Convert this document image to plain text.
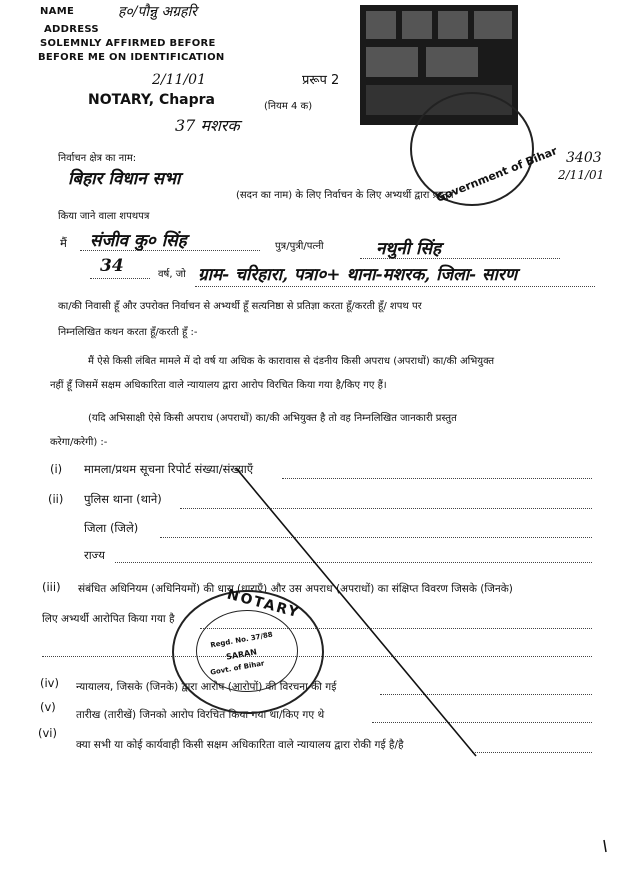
NAME	ह०/पौन्नु अग्रहरि
ADDRESS
SOLEMNLY AFFIRMED BEFORE
BEFORE ME ON IDENTIFICATION
2/11/01
NOTARY, Chapra
37 मशरक
प्ररूप 2
(नियम 4 क)
Government of Bihar 3403
2/11/01
निर्वाचन क्षेत्र का नाम:
बिहार विधान सभा
(सदन का नाम) के लिए निर्वाचन के लिए अभ्यर्थी द्वारा प्रस्तुत
किया जाने वाला शपथपत्र
मैं संजीव कु० सिंह	पुत्र/पुत्री/पत्नी	नथुनी सिंह
34	वर्ष, जो ग्राम- चरिहारा, पत्रा०+ थाना-मशरक, जिला- सारण
का/की निवासी हूँ और उपरोक्त निर्वाचन से अभ्यर्थी हूँ सत्यनिष्ठा से प्रतिज्ञा करता हूँ/करती हूँ/ शपथ पर
निम्नलिखित कथन करता हूँ/करती हूँ :-
मैं ऐसे किसी लंबित मामले में दो वर्ष या अधिक के कारावास से दंडनीय किसी अपराध (अपराधों) का/की अभियुक्त
नहीं हूँ जिसमें सक्षम अधिकारिता वाले न्यायालय द्वारा आरोप विरचित किया गया है/किए गए हैं।
(यदि अभिसाक्षी ऐसे किसी अपराध (अपराधों) का/की अभियुक्त है तो वह निम्नलिखित जानकारी प्रस्तुत
करेगा/करेगी) :-
(i) मामला/प्रथम सूचना रिपोर्ट संख्या/संख्याएँ
(ii) पुलिस थाना (थाने)
जिला (जिले)
राज्य
(iii) संबंधित अधिनियम (अधिनियमों) की धारा (धाराएँ) और उस अपराध (अपराधों) का संक्षिप्त विवरण जिसके (जिनके)
लिए अभ्यर्थी आरोपित किया गया है
(iv) न्यायालय, जिसके (जिनके) द्वारा आरोप (आरोपों) की विरचना की गई
(v)
तारीख (तारीखें) जिनको आरोप विरचित किया गया था/किए गए थे
(vi)
क्या सभी या कोई कार्यवाही किसी सक्षम अधिकारिता वाले न्यायालय द्वारा रोकी गई है/है
NOTARY
Regd. No. 37/88
SARAN
Govt. of Bihar
